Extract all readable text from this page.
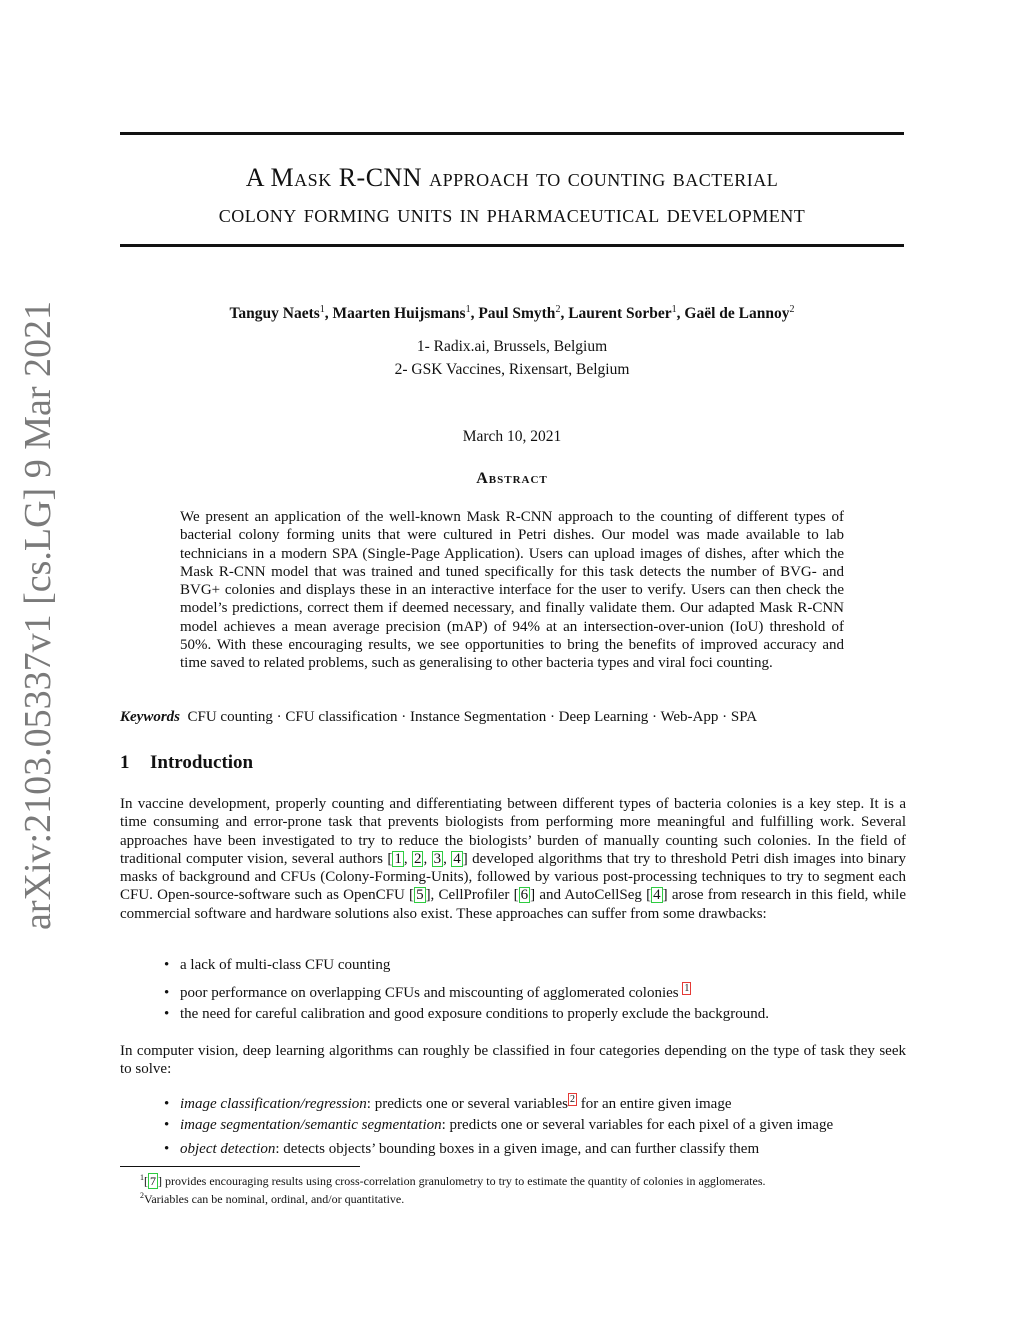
arXiv:2103.05337v1 [cs.LG] 9 Mar 2021
A Mask R-CNN approach to counting bacterial
colony forming units in pharmaceutical development
Tanguy Naets$^1$, Maarten Huijsmans$^1$, Paul Smyth$^2$, Laurent Sorber$^1$, Gaël de Lannoy$^2$
1- Radix.ai, Brussels, Belgium
2- GSK Vaccines, Rixensart, Belgium
March 10, 2021
Abstract
We present an application of the well-known Mask R-CNN approach to the counting of different types of bacterial colony forming units that were cultured in Petri dishes. Our model was made available to lab technicians in a modern SPA (Single-Page Application). Users can upload images of dishes, after which the Mask R-CNN model that was trained and tuned specifically for this task detects the number of BVG- and BVG+ colonies and displays these in an interactive interface for the user to verify. Users can then check the model’s predictions, correct them if deemed necessary, and finally validate them. Our adapted Mask R-CNN model achieves a mean average precision (mAP) of 94% at an intersection-over-union (IoU) threshold of 50%. With these encouraging results, we see opportunities to bring the benefits of improved accuracy and time saved to related problems, such as generalising to other bacteria types and viral foci counting.
Keywords CFU counting · CFU classification · Instance Segmentation · Deep Learning · Web-App · SPA
1 Introduction
In vaccine development, properly counting and differentiating between different types of bacteria colonies is a key step. It is a time consuming and error-prone task that prevents biologists from performing more meaningful and fulfilling work. Several approaches have been investigated to try to reduce the biologists’ burden of manually counting such colonies. In the field of traditional computer vision, several authors [ 1 , 2 , 3 , 4 ] developed algorithms that try to threshold Petri dish images into binary masks of background and CFUs (Colony-Forming-Units), followed by various post-processing techniques to try to segment each CFU. Open-source-software such as OpenCFU [ 5 ], CellProfiler [ 6 ] and AutoCellSeg [ 4 ] arose from research in this field, while commercial software and hardware solutions also exist. These approaches can suffer from some drawbacks:
• a lack of multi-class CFU counting
• poor performance on overlapping CFUs and miscounting of agglomerated colonies 1
• the need for careful calibration and good exposure conditions to properly exclude the background.
In computer vision, deep learning algorithms can roughly be classified in four categories depending on the type of task they seek to solve:
• image classification/regression: predicts one or several variables 2 for an entire given image
• image segmentation/semantic segmentation: predicts one or several variables for each pixel of a given image
• object detection: detects objects’ bounding boxes in a given image, and can further classify them
$^1$[ 7 ] provides encouraging results using cross-correlation granulometry to try to estimate the quantity of colonies in agglomerates.
$^2$Variables can be nominal, ordinal, and/or quantitative.
